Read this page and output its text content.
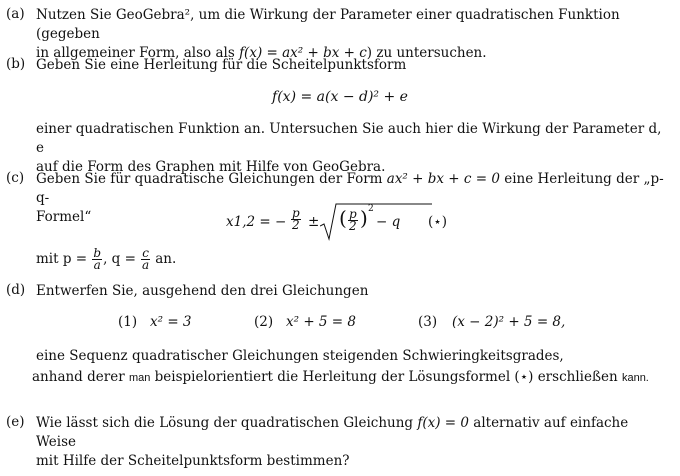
(a) Nutzen Sie GeoGebra², um die Wirkung der Parameter einer quadratischen Funktion (gegeben
in allgemeiner Form, also als f(x) = ax² + bx + c) zu untersuchen.
(b) Geben Sie eine Herleitung für die Scheitelpunktsform
f(x) = a(x − d)² + e
einer quadratischen Funktion an. Untersuchen Sie auch hier die Wirkung der Parameter d, e
auf die Form des Graphen mit Hilfe von GeoGebra.
(c) Geben Sie für quadratische Gleichungen der Form ax² + bx + c = 0 eine Herleitung der „p-q-
Formel“	x1,2 = − $\frac{p}{2}$ ± ( $\frac{p}{2}$ ) 2
− q (⋆)
mit $p = \frac{b}{a}$ , $q = \frac{c}{a}$ an.
(d) Entwerfen Sie, ausgehend den drei Gleichungen
(1) x² = 3	(2) x² + 5 = 8	(3) (x − 2)² + 5 = 8,
eine Sequenz quadratischer Gleichungen steigenden Schwieringkeitsgrades,
anhand derer man beispielorientiert die Herleitung der Lösungsformel (⋆) erschließen kann.
(e) Wie lässt sich die Lösung der quadratischen Gleichung f(x) = 0 alternativ auf einfache Weise
mit Hilfe der Scheitelpunktsform bestimmen?
